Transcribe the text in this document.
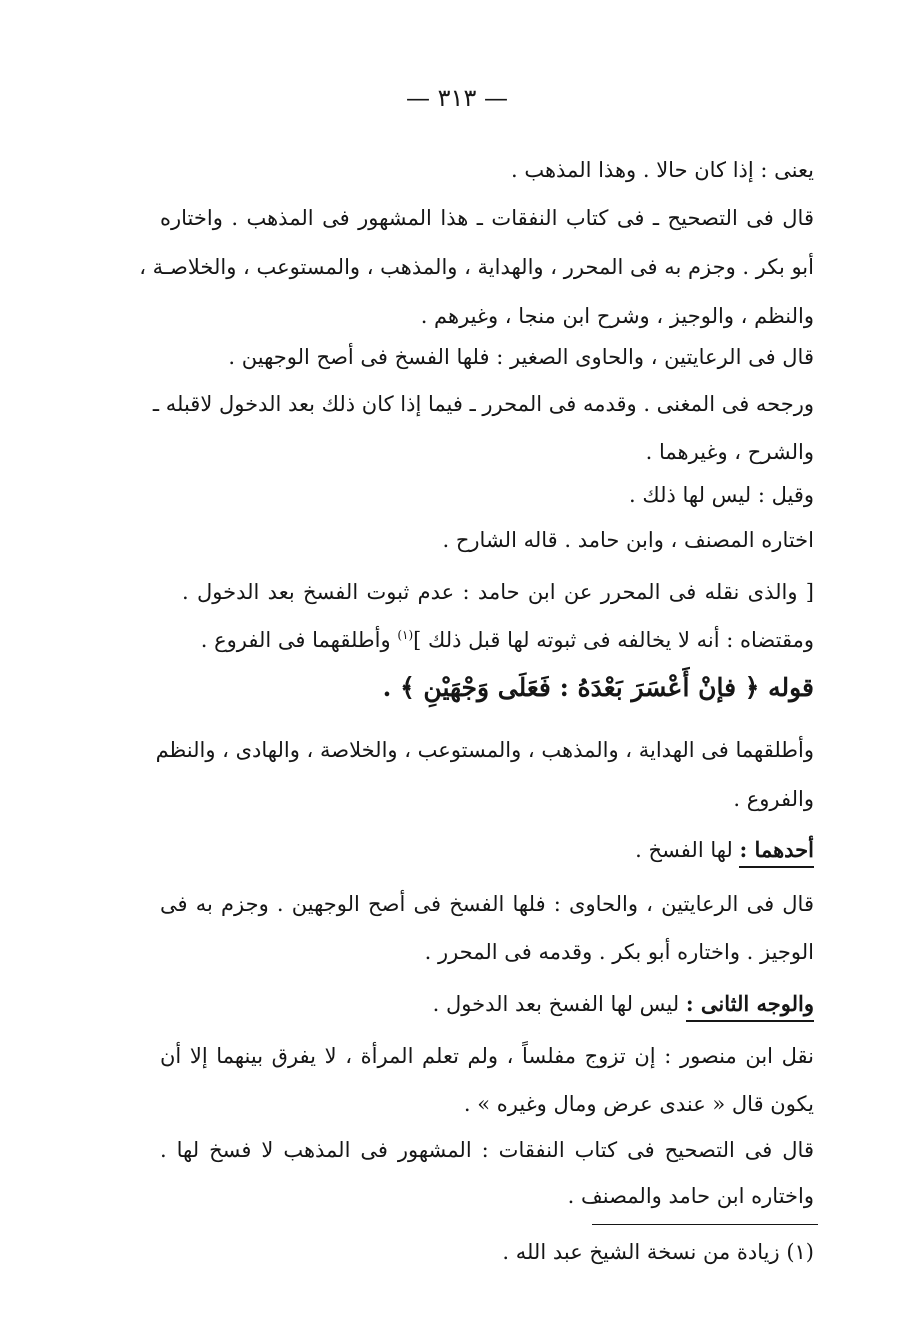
— ٣١٣ —
يعنى : إذا كان حالا . وهذا المذهب .
قال فى التصحيح ـ فى كتاب النفقات ـ هذا المشهور فى المذهب . واختاره
أبو بكر . وجزم به فى المحرر ، والهداية ، والمذهب ، والمستوعب ، والخلاصـة ،
والنظم ، والوجيز ، وشرح ابن منجا ، وغيرهم .
قال فى الرعايتين ، والحاوى الصغير : فلها الفسخ فى أصح الوجهين .
ورجحه فى المغنى . وقدمه فى المحرر ـ فيما إذا كان ذلك بعد الدخول لاقبله ـ
والشرح ، وغيرهما .
وقيل : ليس لها ذلك .
اختاره المصنف ، وابن حامد . قاله الشارح .
[ والذى نقله فى المحرر عن ابن حامد : عدم ثبوت الفسخ بعد الدخول .
ومقتضاه : أنه لا يخالفه فى ثبوته لها قبل ذلك ]$^{(١)}$ وأطلقهما فى الفروع .
قوله ﴿ فإنْ أَعْسَرَ بَعْدَهُ : فَعَلَى وَجْهَيْنِ ﴾ .
وأطلقهما فى الهداية ، والمذهب ، والمستوعب ، والخلاصة ، والهادى ، والنظم
والفروع .
أحدهما : لها الفسخ .
قال فى الرعايتين ، والحاوى : فلها الفسخ فى أصح الوجهين . وجزم به فى
الوجيز . واختاره أبو بكر . وقدمه فى المحرر .
والوجه الثانى : ليس لها الفسخ بعد الدخول .
نقل ابن منصور : إن تزوج مفلساً ، ولم تعلم المرأة ، لا يفرق بينهما إلا أن
يكون قال « عندى عرض ومال وغيره » .
قال فى التصحيح فى كتاب النفقات : المشهور فى المذهب لا فسخ لها .
واختاره ابن حامد والمصنف .
(١) زيادة من نسخة الشيخ عبد الله .
